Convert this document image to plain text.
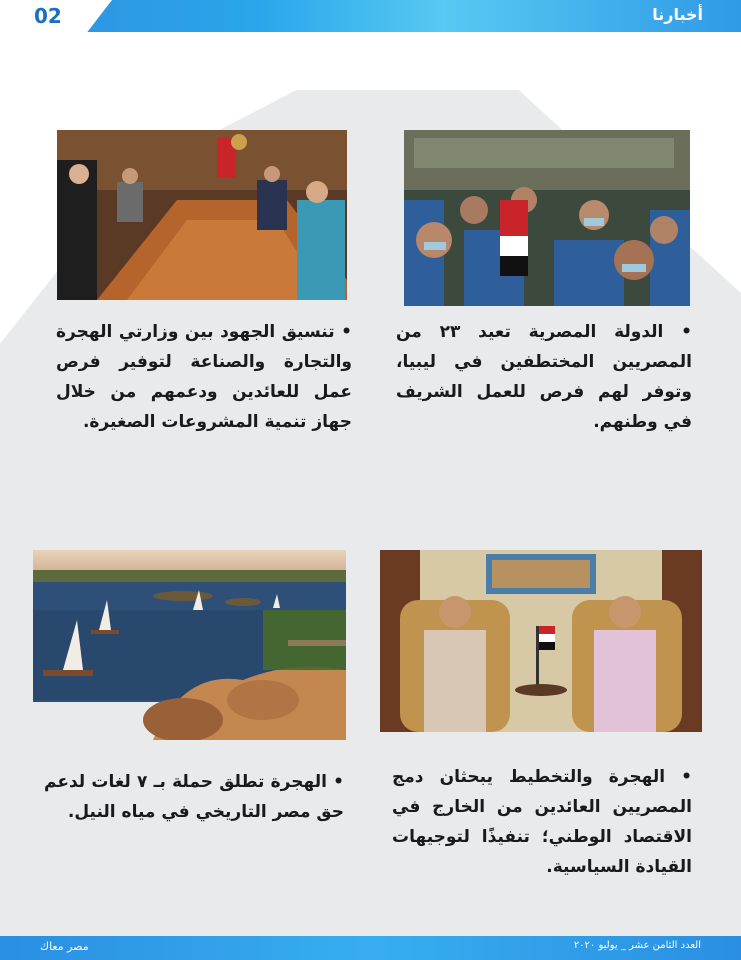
02	أخبارنا
• الدولة المصرية تعيد ٢٣ من المصريين المختطفين في ليبيا، وتوفر لهم فرص للعمل الشريف في وطنهم.
• تنسيق الجهود بين وزارتي الهجرة والتجارة والصناعة لتوفير فرص عمل للعائدين ودعمهم من خلال جهاز تنمية المشروعات الصغيرة.
• الهجرة والتخطيط يبحثان دمج المصريين العائدين من الخارج في الاقتصاد الوطني؛ تنفيذًا لتوجيهات القيادة السياسية.
• الهجرة تطلق حملة بـ ٧ لغات لدعم حق مصر التاريخي في مياه النيل.
مصر معاك	العدد الثامن عشر _ يوليو ٢٠٢٠
